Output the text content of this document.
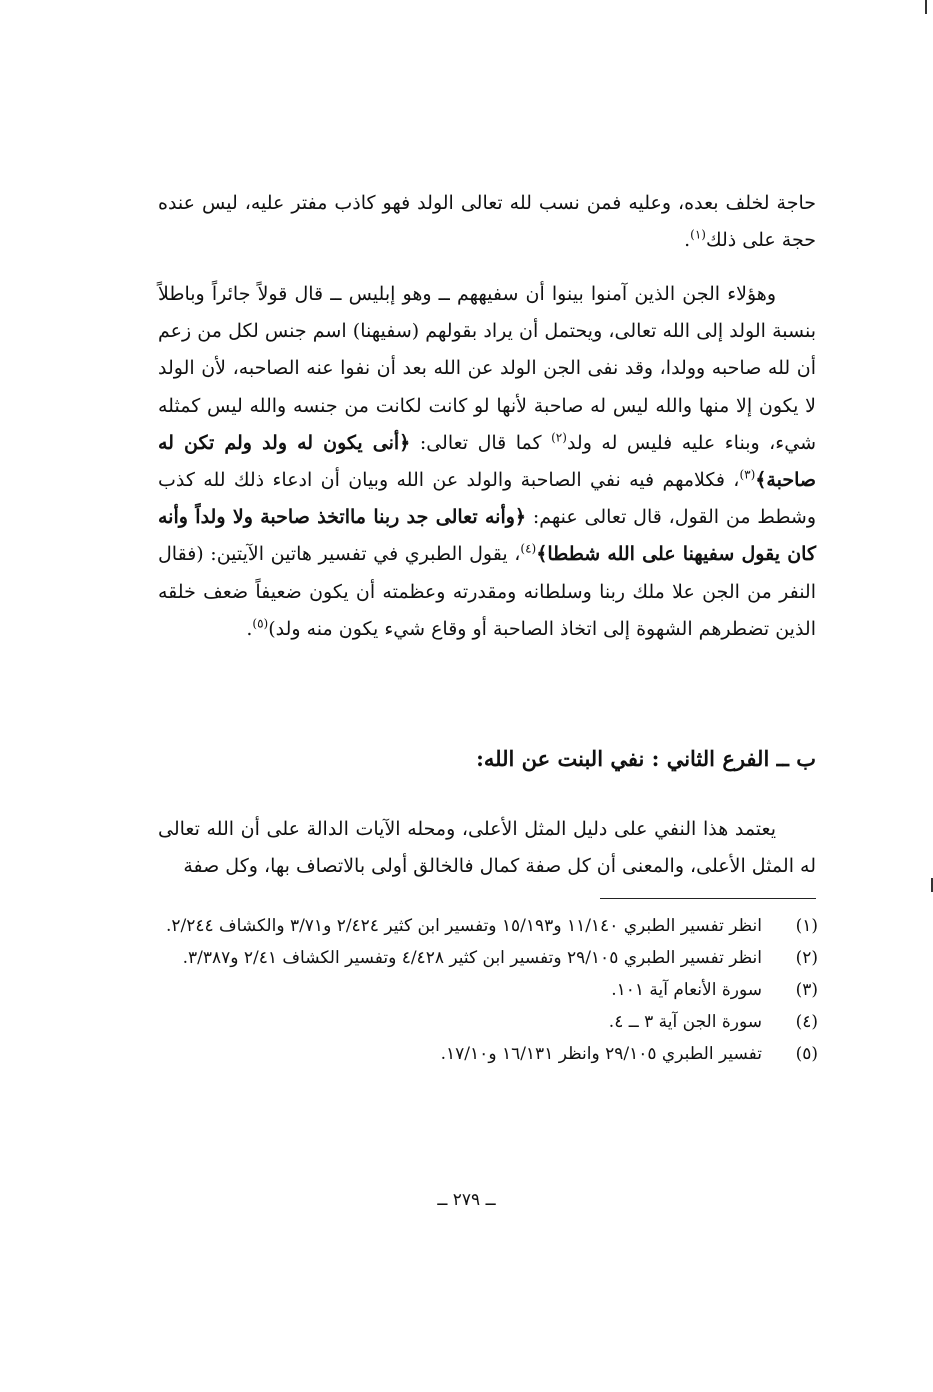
حاجة لخلف بعده، وعليه فمن نسب لله تعالى الولد فهو كاذب مفتر عليه، ليس عنده حجة على ذلك$^{(١)}$.
وهؤلاء الجن الذين آمنوا بينوا أن سفيههم ــ وهو إبليس ــ قال قولاً جائراً وباطلاً بنسبة الولد إلى الله تعالى، ويحتمل أن يراد بقولهم (سفيهنا) اسم جنس لكل من زعم أن لله صاحبه وولدا، وقد نفى الجن الولد عن الله بعد أن نفوا عنه الصاحبه، لأن الولد لا يكون إلا منها والله ليس له صاحبة لأنها لو كانت لكانت من جنسه والله ليس كمثله شيء، وبناء عليه فليس له ولد$^{(٢)}$ كما قال تعالى: ﴿أنى يكون له ولد ولم تكن له صاحبة﴾$^{(٣)}$، فكلامهم فيه نفي الصاحبة والولد عن الله وبيان أن ادعاء ذلك لله كذب وشطط من القول، قال تعالى عنهم: ﴿وأنه تعالى جد ربنا مااتخذ صاحبة ولا ولداً وأنه كان يقول سفيهنا على الله شططا﴾$^{(٤)}$، يقول الطبري في تفسير هاتين الآيتين: (فقال النفر من الجن علا ملك ربنا وسلطانه ومقدرته وعظمته أن يكون ضعيفاً ضعف خلقه الذين تضطرهم الشهوة إلى اتخاذ الصاحبة أو وقاع شيء يكون منه ولد)$^{(٥)}$.
ب ــ الفرع الثاني : نفي البنت عن الله:
يعتمد هذا النفي على دليل المثل الأعلى، ومحله الآيات الدالة على أن الله تعالى له المثل الأعلى، والمعنى أن كل صفة كمال فالخالق أولى بالاتصاف بها، وكل صفة
(١)
انظر تفسير الطبري ١١/١٤٠ و١٥/١٩٣ وتفسير ابن كثير ٢/٤٢٤ و٣/٧١ والكشاف ٢/٢٤٤.
(٢)
انظر تفسير الطبري ٢٩/١٠٥ وتفسير ابن كثير ٤/٤٢٨ وتفسير الكشاف ٢/٤١ و٣/٣٨٧.
(٣)
سورة الأنعام آية ١٠١.
(٤)
سورة الجن آية ٣ ــ ٤.
(٥)
تفسير الطبري ٢٩/١٠٥ وانظر ١٦/١٣١ و١٧/١٠.
ــ ٢٧٩ ــ
